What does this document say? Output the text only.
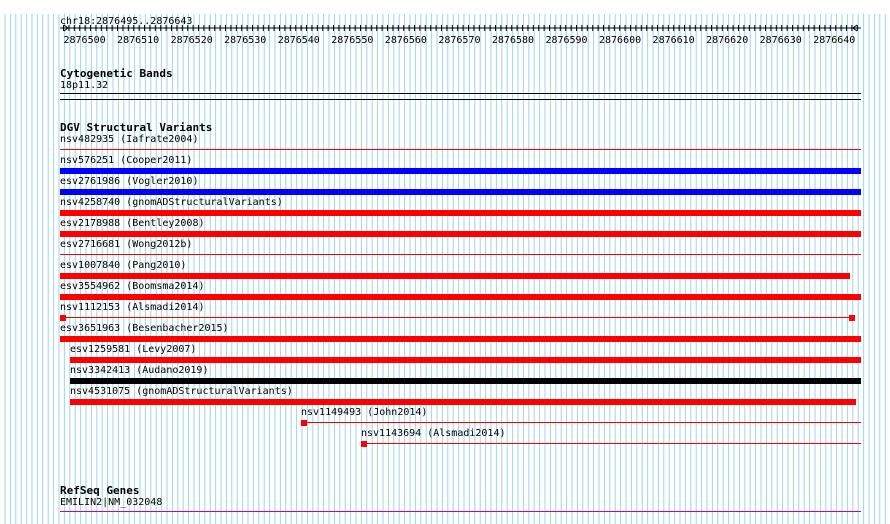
chr18:2876495..2876643
2876500 2876510 2876520 2876530 2876540 2876550 2876560 2876570 2876580 2876590 2876600 2876610 2876620 2876630 2876640
Cytogenetic Bands
18p11.32
DGV Structural Variants
nsv482935 (Iafrate2004)
nsv576251 (Cooper2011)
esv2761986 (Vogler2010)
nsv4258740 (gnomADStructuralVariants)
esv2178988 (Bentley2008)
esv2716681 (Wong2012b)
esv1007840 (Pang2010)
esv3554962 (Boomsma2014)
nsv1112153 (Alsmadi2014)
esv3651963 (Besenbacher2015)
esv1259581 (Levy2007)
nsv3342413 (Audano2019)
nsv4531075 (gnomADStructuralVariants)
nsv1149493 (John2014)
nsv1143694 (Alsmadi2014)
RefSeq Genes
EMILIN2|NM_032048
